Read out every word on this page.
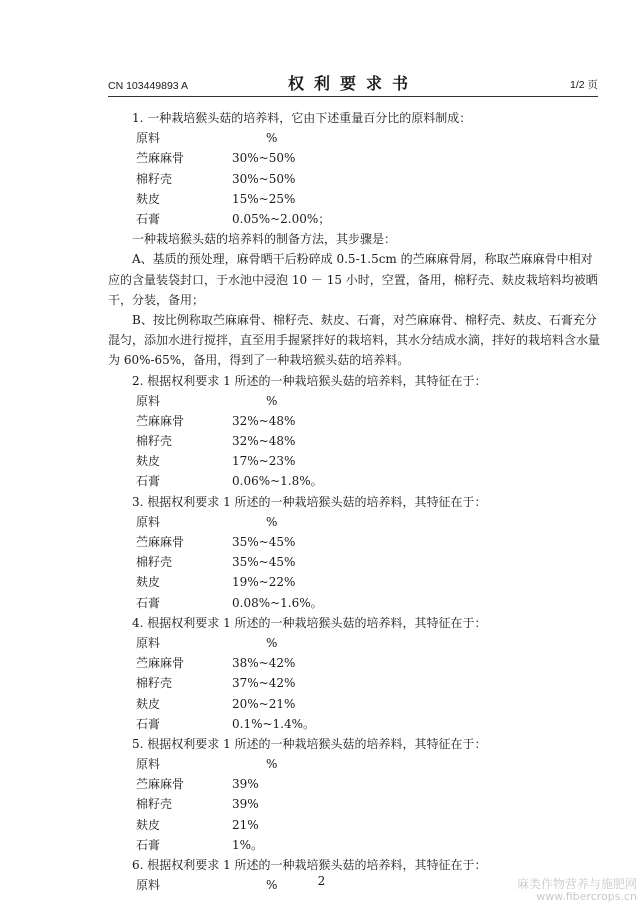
CN 103449893 A	权利要求书	1/2 页
1. 一种栽培猴头菇的培养料，它由下述重量百分比的原料制成：
原料	%
苎麻麻骨	30%~50%
棉籽壳	30%~50%
麸皮	15%~25%
石膏	0.05%~2.00%；
一种栽培猴头菇的培养料的制备方法，其步骤是：
A、基质的预处理，麻骨晒干后粉碎成 0.5-1.5cm 的苎麻麻骨屑，称取苎麻麻骨中相对应的含量装袋封口，于水池中浸泡 10 － 15 小时，空置，备用，棉籽壳、麸皮栽培料均被晒干，分装，备用；
B、按比例称取苎麻麻骨、棉籽壳、麸皮、石膏，对苎麻麻骨、棉籽壳、麸皮、石膏充分混匀，添加水进行搅拌，直至用手握紧拌好的栽培料，其水分结成水滴，拌好的栽培料含水量为 60%-65%，备用，得到了一种栽培猴头菇的培养料。
2. 根据权利要求 1 所述的一种栽培猴头菇的培养料，其特征在于：
原料	%
苎麻麻骨	32%~48%
棉籽壳	32%~48%
麸皮	17%~23%
石膏	0.06%~1.8%。
3. 根据权利要求 1 所述的一种栽培猴头菇的培养料，其特征在于：
原料	%
苎麻麻骨	35%~45%
棉籽壳	35%~45%
麸皮	19%~22%
石膏	0.08%~1.6%。
4. 根据权利要求 1 所述的一种栽培猴头菇的培养料，其特征在于：
原料	%
苎麻麻骨	38%~42%
棉籽壳	37%~42%
麸皮	20%~21%
石膏	0.1%~1.4%。
5. 根据权利要求 1 所述的一种栽培猴头菇的培养料，其特征在于：
原料	%
苎麻麻骨	39%
棉籽壳	39%
麸皮	21%
石膏	1%。
6. 根据权利要求 1 所述的一种栽培猴头菇的培养料，其特征在于：
原料	%	2	麻类作物营养与施肥网
www.fibercrops.cn
